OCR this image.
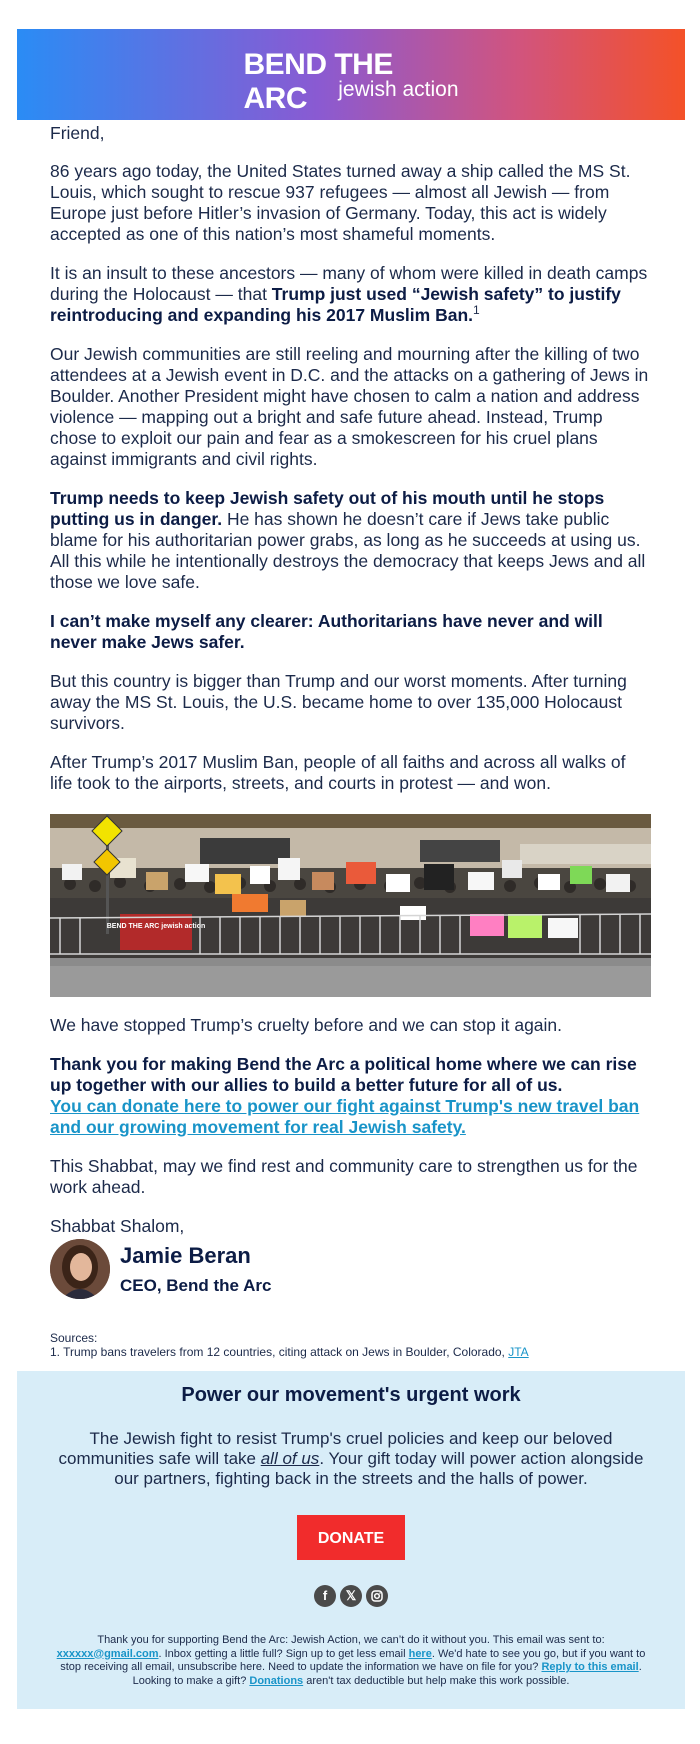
BEND THE ARC	jewish action

Friend,

86 years ago today, the United States turned away a ship called the MS St. Louis, which sought to rescue 937 refugees — almost all Jewish — from Europe just before Hitler’s invasion of Germany. Today, this act is widely accepted as one of this nation’s most shameful moments.

It is an insult to these ancestors — many of whom were killed in death camps during the Holocaust — that Trump just used “Jewish safety” to justify reintroducing and expanding his 2017 Muslim Ban.$^1$

Our Jewish communities are still reeling and mourning after the killing of two attendees at a Jewish event in D.C. and the attacks on a gathering of Jews in Boulder. Another President might have chosen to calm a nation and address violence — mapping out a bright and safe future ahead. Instead, Trump chose to exploit our pain and fear as a smokescreen for his cruel plans against immigrants and civil rights.

Trump needs to keep Jewish safety out of his mouth until he stops putting us in danger. He has shown he doesn’t care if Jews take public blame for his authoritarian power grabs, as long as he succeeds at using us. All this while he intentionally destroys the democracy that keeps Jews and all those we love safe.

I can’t make myself any clearer: Authoritarians have never and will never make Jews safer.

But this country is bigger than Trump and our worst moments. After turning away the MS St. Louis, the U.S. became home to over 135,000 Holocaust survivors.

After Trump’s 2017 Muslim Ban, people of all faiths and across all walks of life took to the airports, streets, and courts in protest — and won.

BEND THE ARC jewish action

We have stopped Trump’s cruelty before and we can stop it again.

Thank you for making Bend the Arc a political home where we can rise up together with our allies to build a better future for all of us.
You can donate here to power our fight against Trump's new travel ban and our growing movement for real Jewish safety.

This Shabbat, may we find rest and community care to strengthen us for the work ahead.

Shabbat Shalom,

Jamie Beran
CEO, Bend the Arc
Sources:
1. Trump bans travelers from 12 countries, citing attack on Jews in Boulder, Colorado, JTA
Power our movement's urgent work
The Jewish fight to resist Trump's cruel policies and keep our beloved communities safe will take all of us. Your gift today will power action alongside our partners, fighting back in the streets and the halls of power.
DONATE
f	𝕏
Thank you for supporting Bend the Arc: Jewish Action, we can’t do it without you. This email was sent to: xxxxxx@gmail.com. Inbox getting a little full? Sign up to get less email here. We'd hate to see you go, but if you want to stop receiving all email, unsubscribe here. Need to update the information we have on file for you? Reply to this email. Looking to make a gift? Donations aren't tax deductible but help make this work possible.
